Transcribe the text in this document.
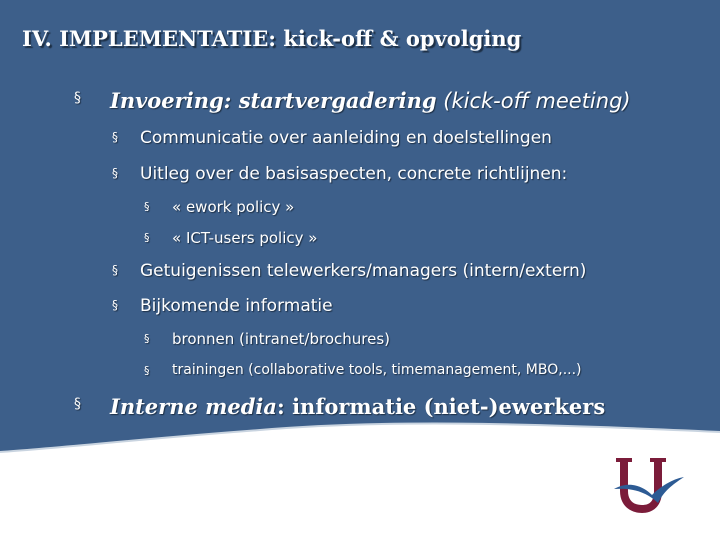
IV. IMPLEMENTATIE: kick-off & opvolging
§ Invoering: startvergadering (kick-off meeting)
§ Communicatie over aanleiding en doelstellingen
§ Uitleg over de basisaspecten, concrete richtlijnen:
§ « ework policy »
§ « ICT-users policy »
§ Getuigenissen telewerkers/managers (intern/extern)
§ Bijkomende informatie
§ bronnen (intranet/brochures)
§ trainingen (collaborative tools, timemanagement, MBO,...)
§ Interne media: informatie (niet-)ewerkers
